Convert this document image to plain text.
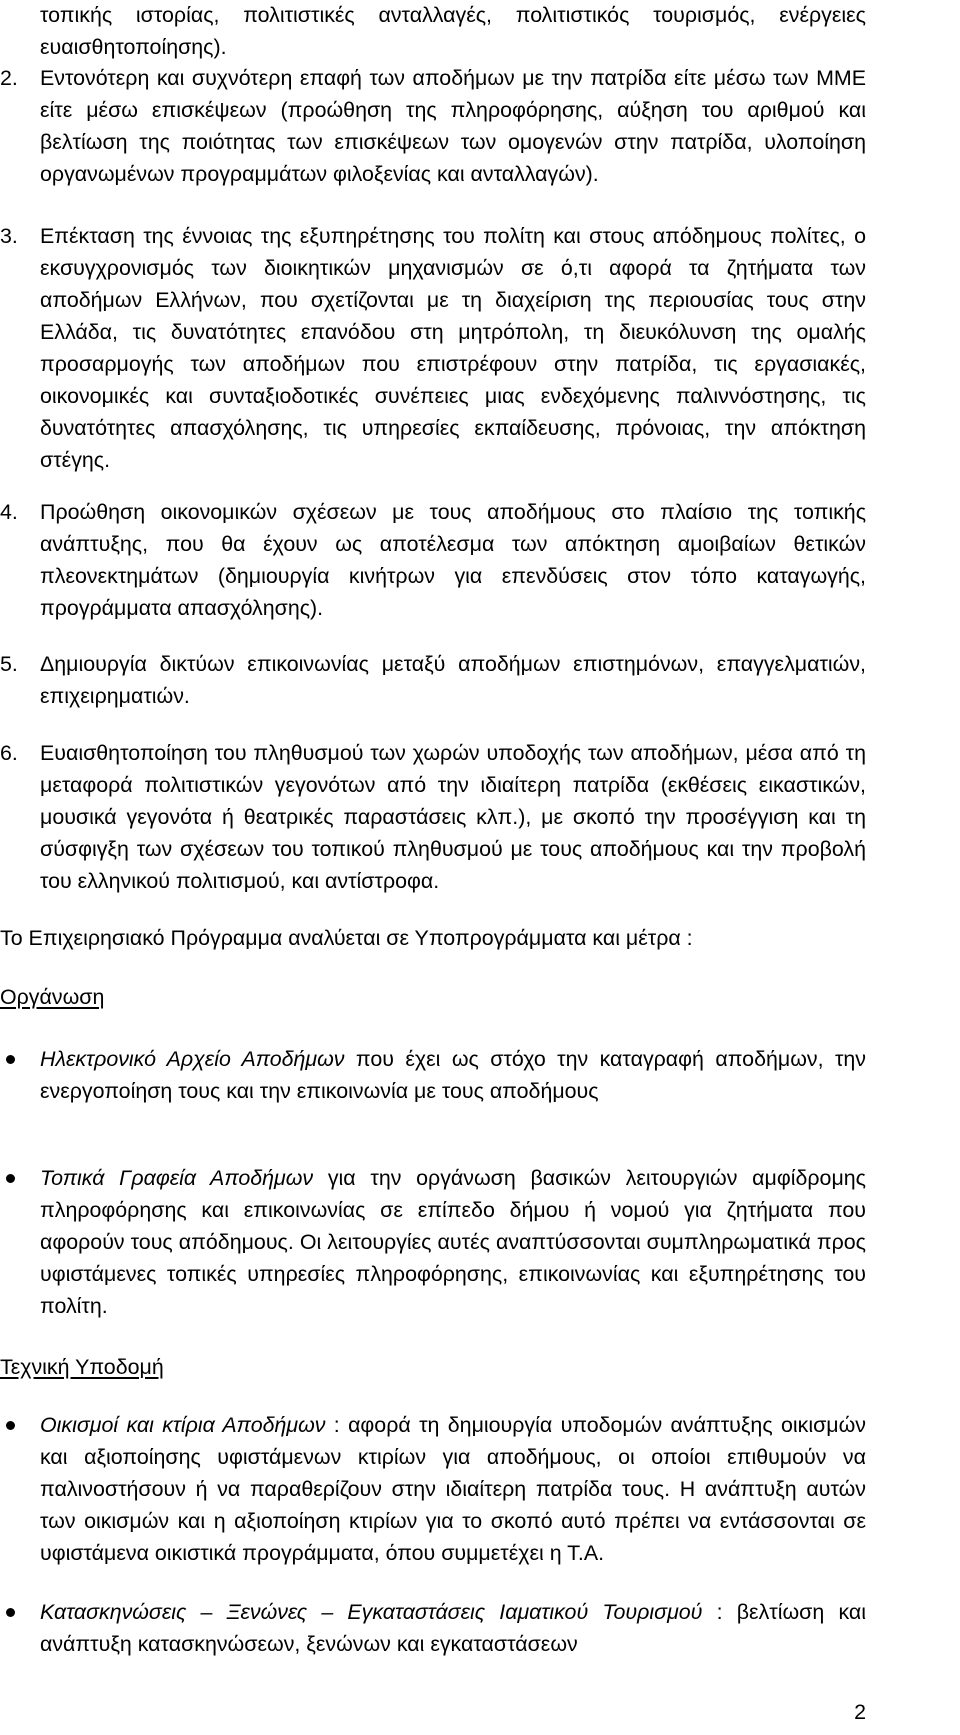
τοπικής ιστορίας, πολιτιστικές ανταλλαγές, πολιτιστικός τουρισμός, ενέργειες ευαισθητοποίησης).
2.	Εντονότερη και συχνότερη επαφή των αποδήμων με την πατρίδα είτε μέσω των ΜΜΕ είτε μέσω επισκέψεων (προώθηση της πληροφόρησης, αύξηση του αριθμού και βελτίωση της ποιότητας των επισκέψεων των ομογενών στην πατρίδα, υλοποίηση οργανωμένων προγραμμάτων φιλοξενίας και ανταλλαγών).
3.	Επέκταση της έννοιας της εξυπηρέτησης του πολίτη και στους απόδημους πολίτες, ο εκσυγχρονισμός των διοικητικών μηχανισμών σε ό,τι αφορά τα ζητήματα των αποδήμων Ελλήνων, που σχετίζονται με τη διαχείριση της περιουσίας τους στην Ελλάδα, τις δυνατότητες επανόδου στη μητρόπολη, τη διευκόλυνση της ομαλής προσαρμογής των αποδήμων που επιστρέφουν στην πατρίδα, τις εργασιακές, οικονομικές και συνταξιοδοτικές συνέπειες μιας ενδεχόμενης παλιννόστησης, τις δυνατότητες απασχόλησης, τις υπηρεσίες εκπαίδευσης, πρόνοιας, την απόκτηση στέγης.
4.	Προώθηση οικονομικών σχέσεων με τους αποδήμους στο πλαίσιο της τοπικής ανάπτυξης, που θα έχουν ως αποτέλεσμα των απόκτηση αμοιβαίων θετικών πλεονεκτημάτων (δημιουργία κινήτρων για επενδύσεις στον τόπο καταγωγής, προγράμματα απασχόλησης).
5.	Δημιουργία δικτύων επικοινωνίας μεταξύ αποδήμων επιστημόνων, επαγγελματιών, επιχειρηματιών.
6.	Ευαισθητοποίηση του πληθυσμού των χωρών υποδοχής των αποδήμων, μέσα από τη μεταφορά πολιτιστικών γεγονότων από την ιδιαίτερη πατρίδα (εκθέσεις εικαστικών, μουσικά γεγονότα ή θεατρικές παραστάσεις κλπ.), με σκοπό την προσέγγιση και τη σύσφιγξη των σχέσεων του τοπικού πληθυσμού με τους αποδήμους και την προβολή του ελληνικού πολιτισμού, και αντίστροφα.
Το Επιχειρησιακό Πρόγραμμα αναλύεται σε Υποπρογράμματα και μέτρα :
Οργάνωση
Ηλεκτρονικό Αρχείο Αποδήμων που έχει ως στόχο την καταγραφή αποδήμων, την ενεργοποίηση τους και την επικοινωνία με τους αποδήμους
Τοπικά Γραφεία Αποδήμων για την οργάνωση βασικών λειτουργιών αμφίδρομης πληροφόρησης και επικοινωνίας σε επίπεδο δήμου ή νομού για ζητήματα που αφορούν τους απόδημους. Οι λειτουργίες αυτές αναπτύσσονται συμπληρωματικά προς υφιστάμενες τοπικές υπηρεσίες πληροφόρησης, επικοινωνίας και εξυπηρέτησης του πολίτη.
Τεχνική Υποδομή
Οικισμοί και κτίρια Αποδήμων : αφορά τη δημιουργία υποδομών ανάπτυξης οικισμών και αξιοποίησης υφιστάμενων κτιρίων για αποδήμους, οι οποίοι επιθυμούν να παλινοστήσουν ή να παραθερίζουν στην ιδιαίτερη πατρίδα τους. Η ανάπτυξη αυτών των οικισμών και η αξιοποίηση κτιρίων για το σκοπό αυτό πρέπει να εντάσσονται σε υφιστάμενα οικιστικά προγράμματα, όπου συμμετέχει η Τ.Α.
Κατασκηνώσεις – Ξενώνες – Εγκαταστάσεις Ιαματικού Τουρισμού : βελτίωση και ανάπτυξη κατασκηνώσεων, ξενώνων και εγκαταστάσεων
2
